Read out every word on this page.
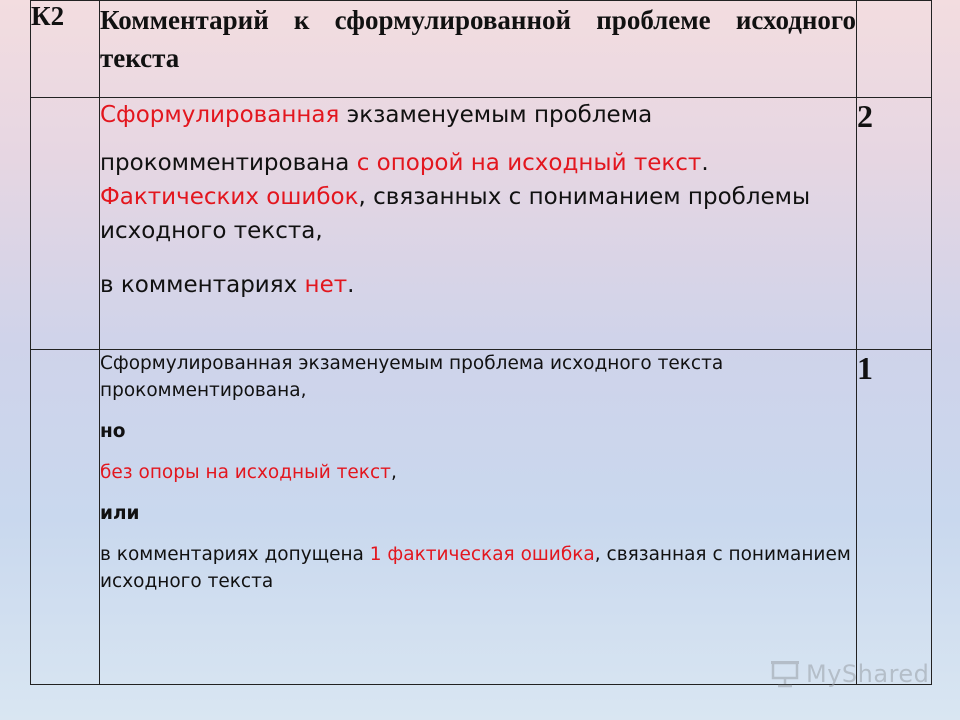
К2	Комментарий к сформулированной проблеме исходного текста	

	Сформулированная экзаменуемым проблема
прокомментирована с опорой на исходный текст. Фактических ошибок, связанных с пониманием проблемы исходного текста,
в комментариях нет.	2

	Сформулированная экзаменуемым проблема исходного текста прокомментирована,
но
без опоры на исходный текст,
или
в комментариях допущена 1 фактическая ошибка, связанная с пониманием исходного текста	1
MyShared
